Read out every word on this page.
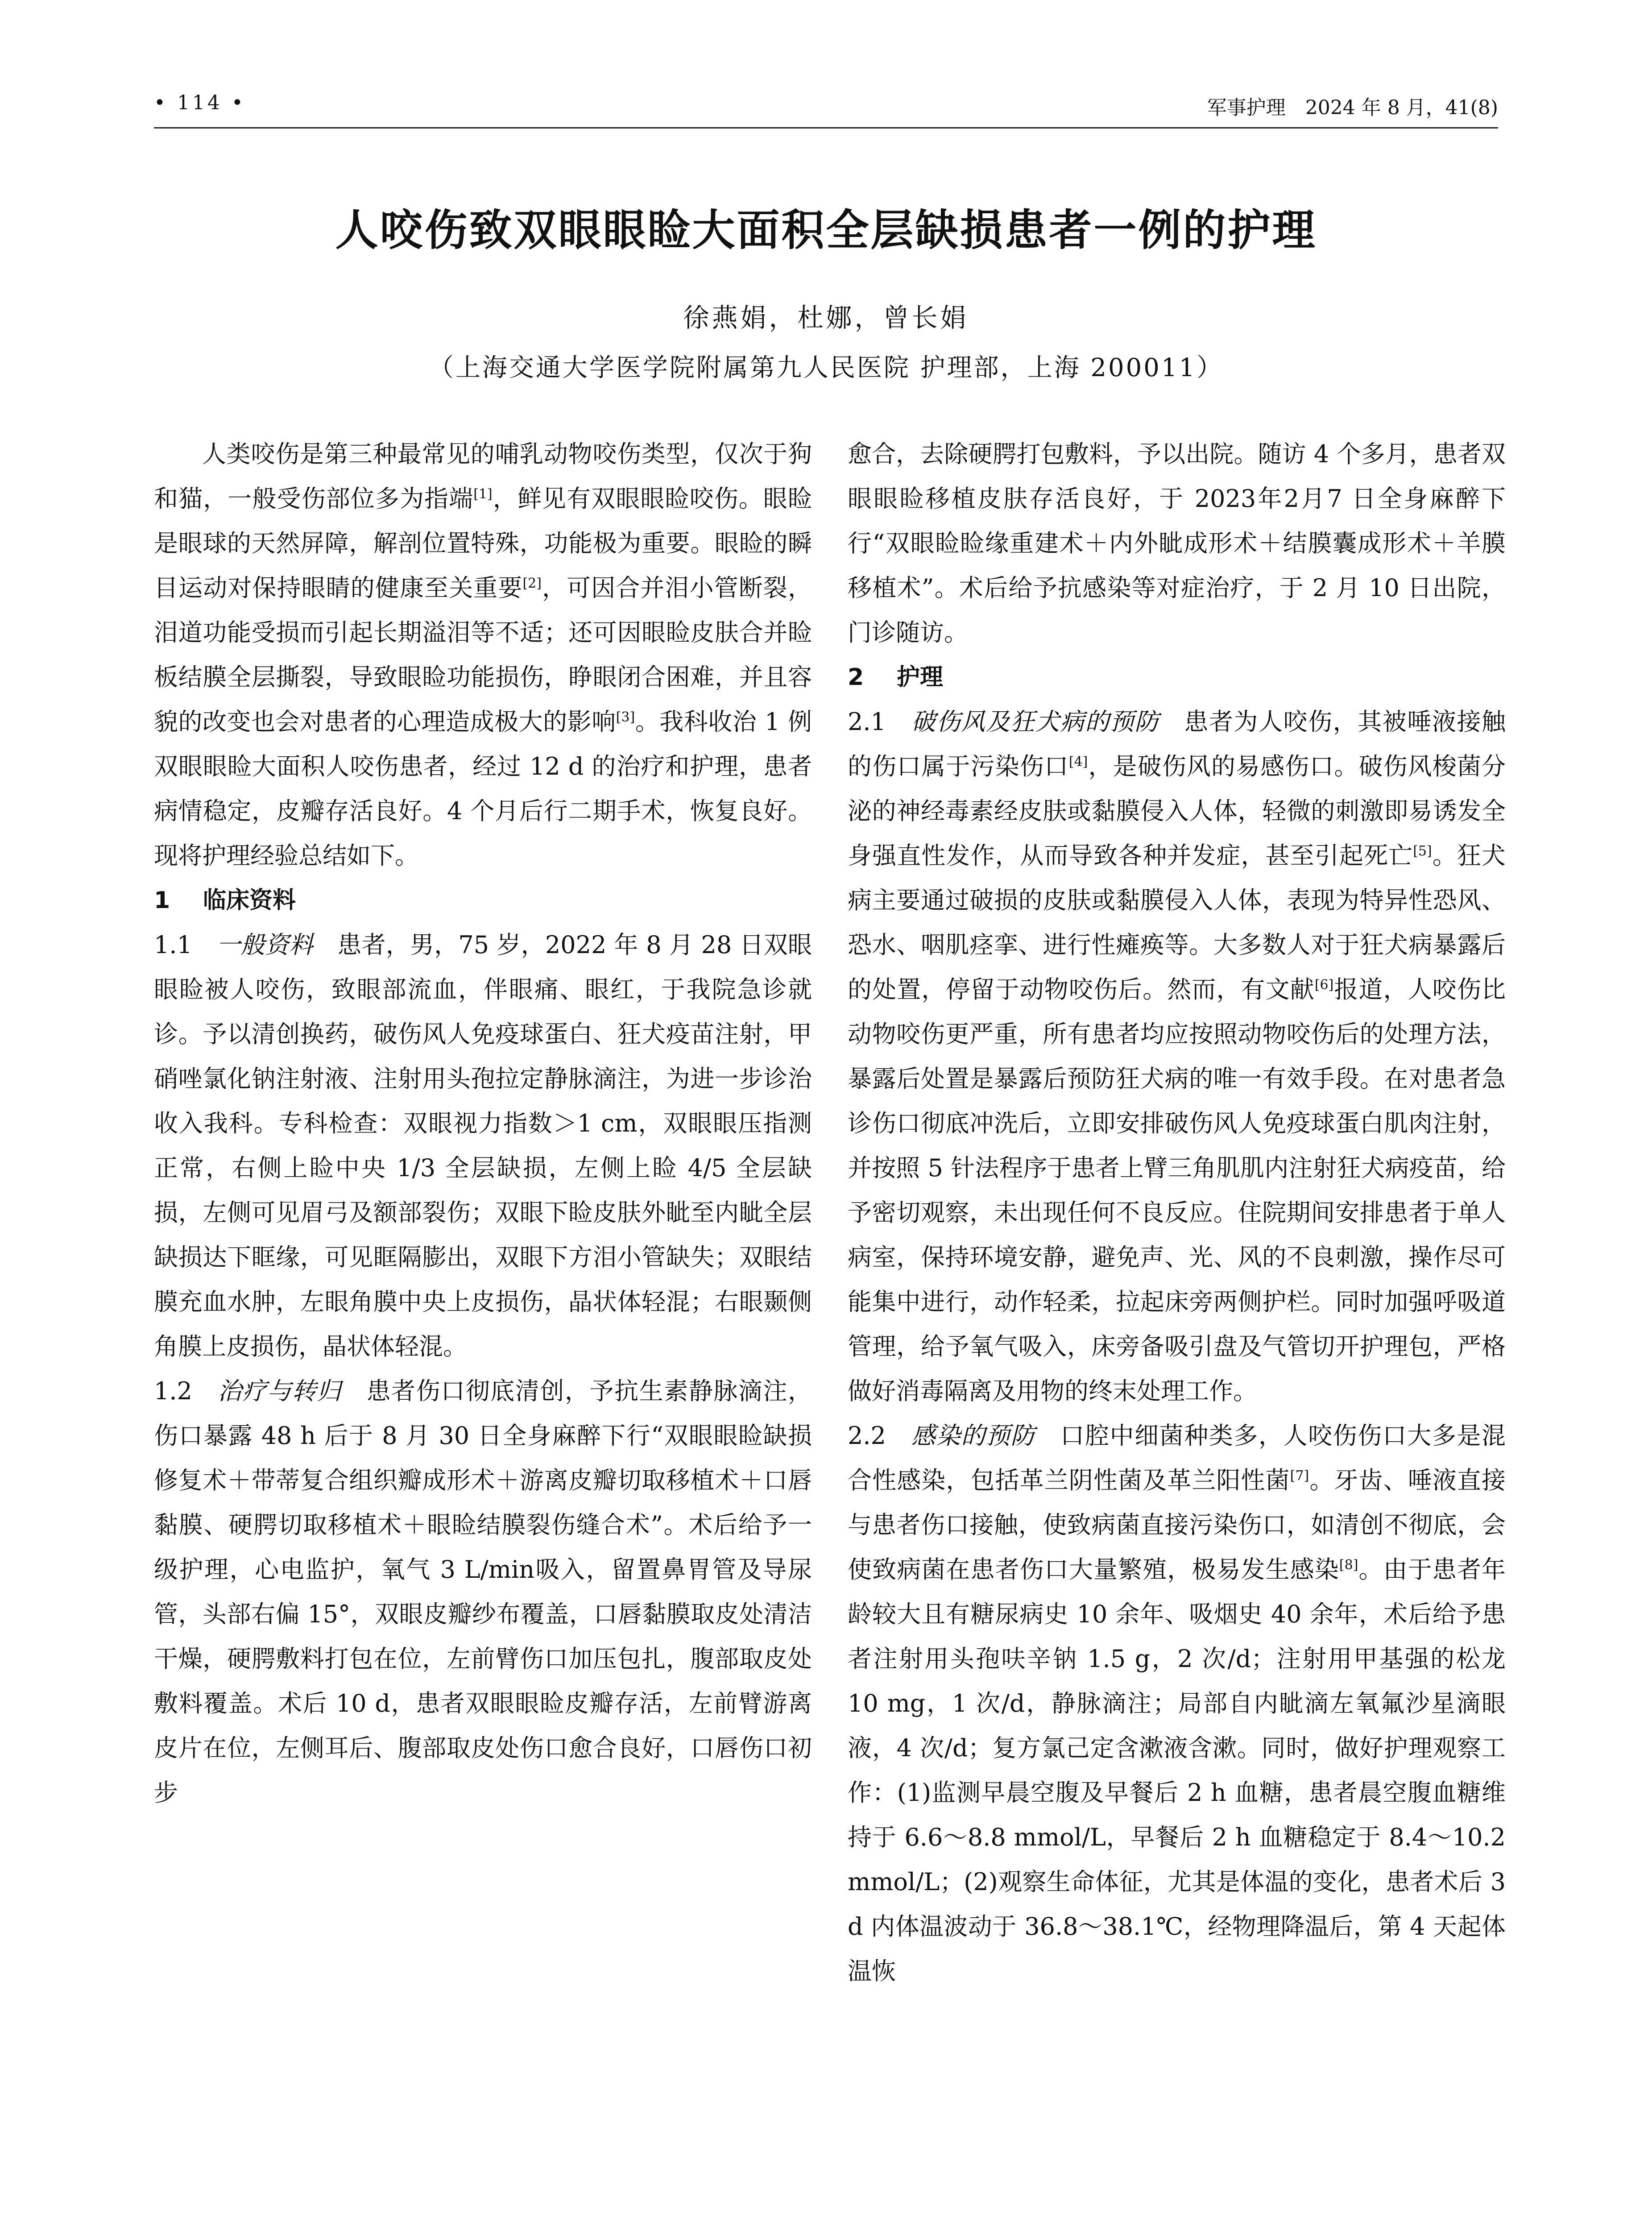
• 114 •	军事护理　2024 年 8 月，41(8)
人咬伤致双眼眼睑大面积全层缺损患者一例的护理
徐燕娟，杜娜，曾长娟
（上海交通大学医学院附属第九人民医院 护理部，上海 200011）

人类咬伤是第三种最常见的哺乳动物咬伤类型，仅次于狗和猫，一般受伤部位多为指端[1]，鲜见有双眼眼睑咬伤。眼睑是眼球的天然屏障，解剖位置特殊，功能极为重要。眼睑的瞬目运动对保持眼睛的健康至关重要[2]，可因合并泪小管断裂，泪道功能受损而引起长期溢泪等不适；还可因眼睑皮肤合并睑板结膜全层撕裂，导致眼睑功能损伤，睁眼闭合困难，并且容貌的改变也会对患者的心理造成极大的影响[3]。我科收治 1 例双眼眼睑大面积人咬伤患者，经过 12 d 的治疗和护理，患者病情稳定，皮瓣存活良好。4 个月后行二期手术，恢复良好。现将护理经验总结如下。

1 临床资料

1.1　 一般资料　 患者，男，75 岁，2022 年 8 月 28 日双眼眼睑被人咬伤，致眼部流血，伴眼痛、眼红，于我院急诊就诊。予以清创换药，破伤风人免疫球蛋白、狂犬疫苗注射，甲硝唑氯化钠注射液、注射用头孢拉定静脉滴注，为进一步诊治收入我科。专科检查：双眼视力指数＞1 cm，双眼眼压指测正常，右侧上睑中央 1/3 全层缺损，左侧上睑 4/5 全层缺损，左侧可见眉弓及额部裂伤；双眼下睑皮肤外眦至内眦全层缺损达下眶缘，可见眶隔膨出，双眼下方泪小管缺失；双眼结膜充血水肿，左眼角膜中央上皮损伤，晶状体轻混；右眼颞侧角膜上皮损伤，晶状体轻混。

1.2　 治疗与转归　 患者伤口彻底清创，予抗生素静脉滴注，伤口暴露 48 h 后于 8 月 30 日全身麻醉下行“双眼眼睑缺损修复术＋带蒂复合组织瓣成形术＋游离皮瓣切取移植术＋口唇黏膜、硬腭切取移植术＋眼睑结膜裂伤缝合术”。术后给予一级护理，心电监护，氧气 3 L/min吸入，留置鼻胃管及导尿管，头部右偏 15°，双眼皮瓣纱布覆盖，口唇黏膜取皮处清洁干燥，硬腭敷料打包在位，左前臂伤口加压包扎，腹部取皮处敷料覆盖。术后 10 d，患者双眼眼睑皮瓣存活，左前臂游离皮片在位，左侧耳后、腹部取皮处伤口愈合良好，口唇伤口初步

愈合，去除硬腭打包敷料，予以出院。随访 4 个多月，患者双眼眼睑移植皮肤存活良好，于 2023年2月7 日全身麻醉下行“双眼睑睑缘重建术＋内外眦成形术＋结膜囊成形术＋羊膜移植术”。术后给予抗感染等对症治疗，于 2 月 10 日出院，门诊随访。

2 护理

2.1　 破伤风及狂犬病的预防　 患者为人咬伤，其被唾液接触的伤口属于污染伤口[4]，是破伤风的易感伤口。破伤风梭菌分泌的神经毒素经皮肤或黏膜侵入人体，轻微的刺激即易诱发全身强直性发作，从而导致各种并发症，甚至引起死亡[5]。狂犬病主要通过破损的皮肤或黏膜侵入人体，表现为特异性恐风、恐水、咽肌痉挛、进行性瘫痪等。大多数人对于狂犬病暴露后的处置，停留于动物咬伤后。然而，有文献[6]报道，人咬伤比动物咬伤更严重，所有患者均应按照动物咬伤后的处理方法，暴露后处置是暴露后预防狂犬病的唯一有效手段。在对患者急诊伤口彻底冲洗后，立即安排破伤风人免疫球蛋白肌肉注射，并按照 5 针法程序于患者上臂三角肌肌内注射狂犬病疫苗，给予密切观察，未出现任何不良反应。住院期间安排患者于单人病室，保持环境安静，避免声、光、风的不良刺激，操作尽可能集中进行，动作轻柔，拉起床旁两侧护栏。同时加强呼吸道管理，给予氧气吸入，床旁备吸引盘及气管切开护理包，严格做好消毒隔离及用物的终末处理工作。

2.2　 感染的预防　 口腔中细菌种类多，人咬伤伤口大多是混合性感染，包括革兰阴性菌及革兰阳性菌[7]。牙齿、唾液直接与患者伤口接触，使致病菌直接污染伤口，如清创不彻底，会使致病菌在患者伤口大量繁殖，极易发生感染[8]。由于患者年龄较大且有糖尿病史 10 余年、吸烟史 40 余年，术后给予患者注射用头孢呋辛钠 1.5 g，2 次/d；注射用甲基强的松龙 10 mg，1 次/d，静脉滴注；局部自内眦滴左氧氟沙星滴眼液，4 次/d；复方氯己定含漱液含漱。同时，做好护理观察工作：(1)监测早晨空腹及早餐后 2 h 血糖，患者晨空腹血糖维持于 6.6～8.8 mmol/L，早餐后 2 h 血糖稳定于 8.4～10.2 mmol/L；(2)观察生命体征，尤其是体温的变化，患者术后 3 d 内体温波动于 36.8～38.1℃，经物理降温后，第 4 天起体温恢
